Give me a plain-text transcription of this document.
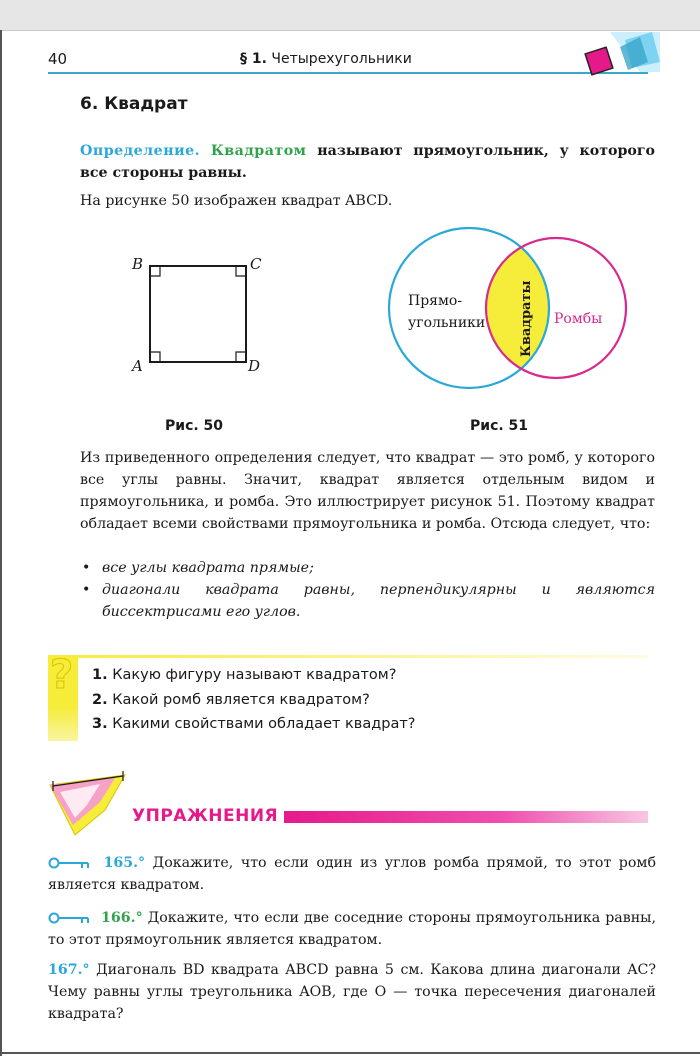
40	§ 1. Четырехугольники
6. Квадрат
Определение. Квадратом называют прямоугольник, у которого все стороны равны.
На рисунке 50 изображен квадрат ABCD.
B	C
A	D
Рис. 50
Прямо-
угольники	Квадраты Ромбы
Рис. 51
Из приведенного определения следует, что квадрат — это ромб, у которого все углы равны. Значит, квадрат является отдельным видом и прямоугольника, и ромба. Это иллюстрирует рисунок 51. Поэтому квадрат обладает всеми свойствами прямоугольника и ромба. Отсюда следует, что:
• все углы квадрата прямые;
• диагонали квадрата равны, перпендикулярны и являются биссектрисами его углов.
? 1. Какую фигуру называют квадратом?
2. Какой ромб является квадратом?
3. Какими свойствами обладает квадрат?
УПРАЖНЕНИЯ
165.° Докажите, что если один из углов ромба прямой, то этот ромб является квадратом.
166.° Докажите, что если две соседние стороны прямоугольника равны, то этот прямоугольник является квадратом.
167.° Диагональ BD квадрата ABCD равна 5 см. Какова длина диагонали AC? Чему равны углы треугольника AOB, где O — точка пересечения диагоналей квадрата?
